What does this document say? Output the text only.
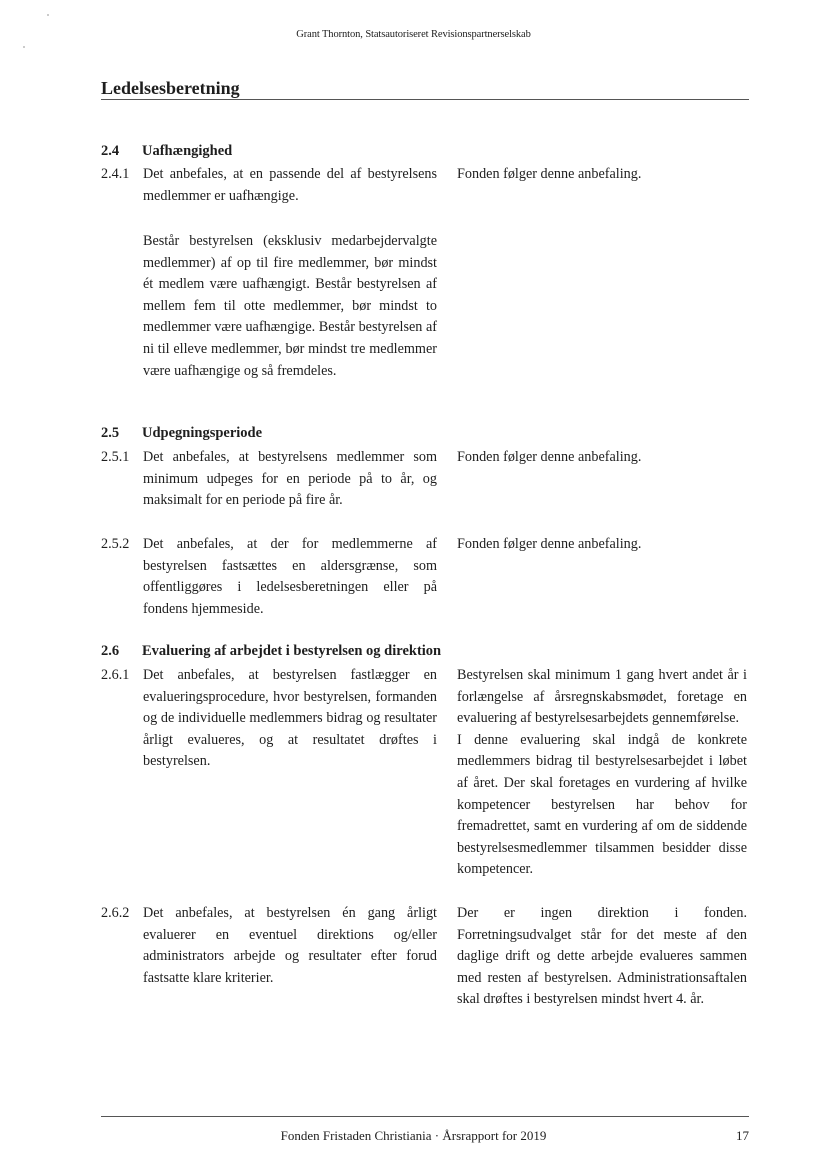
Grant Thornton, Statsautoriseret Revisionspartnerselskab
Ledelsesberetning
2.4 Uafhængighed
2.4.1 Det anbefales, at en passende del af bestyrelsens medlemmer er uafhængige.
Fonden følger denne anbefaling.
Består bestyrelsen (eksklusiv medarbejdervalgte medlemmer) af op til fire medlemmer, bør mindst ét medlem være uafhængigt. Består bestyrelsen af mellem fem til otte medlemmer, bør mindst to medlemmer være uafhængige. Består bestyrelsen af ni til elleve medlemmer, bør mindst tre medlemmer være uafhængige og så fremdeles.
2.5 Udpegningsperiode
2.5.1 Det anbefales, at bestyrelsens medlemmer som minimum udpeges for en periode på to år, og maksimalt for en periode på fire år.
Fonden følger denne anbefaling.
2.5.2 Det anbefales, at der for medlemmerne af bestyrelsen fastsættes en aldersgrænse, som offentliggøres i ledelsesberetningen eller på fondens hjemmeside.
Fonden følger denne anbefaling.
2.6 Evaluering af arbejdet i bestyrelsen og direktion
2.6.1 Det anbefales, at bestyrelsen fastlægger en evalueringsprocedure, hvor bestyrelsen, formanden og de individuelle medlemmers bidrag og resultater årligt evalueres, og at resultatet drøftes i bestyrelsen.
Bestyrelsen skal minimum 1 gang hvert andet år i forlængelse af årsregnskabsmødet, foretage en evaluering af bestyrelsesarbejdets gennemførelse.
I denne evaluering skal indgå de konkrete medlemmers bidrag til bestyrelsesarbejdet i løbet af året. Der skal foretages en vurdering af hvilke kompetencer bestyrelsen har behov for fremadrettet, samt en vurdering af om de siddende bestyrelsesmedlemmer tilsammen besidder disse kompetencer.
2.6.2 Det anbefales, at bestyrelsen én gang årligt evaluerer en eventuel direktions og/eller administrators arbejde og resultater efter forud fastsatte klare kriterier.
Der er ingen direktion i fonden. Forretningsudvalget står for det meste af den daglige drift og dette arbejde evalueres sammen med resten af bestyrelsen. Administrationsaftalen skal drøftes i bestyrelsen mindst hvert 4. år.
Fonden Fristaden Christiania · Årsrapport for 2019	17
